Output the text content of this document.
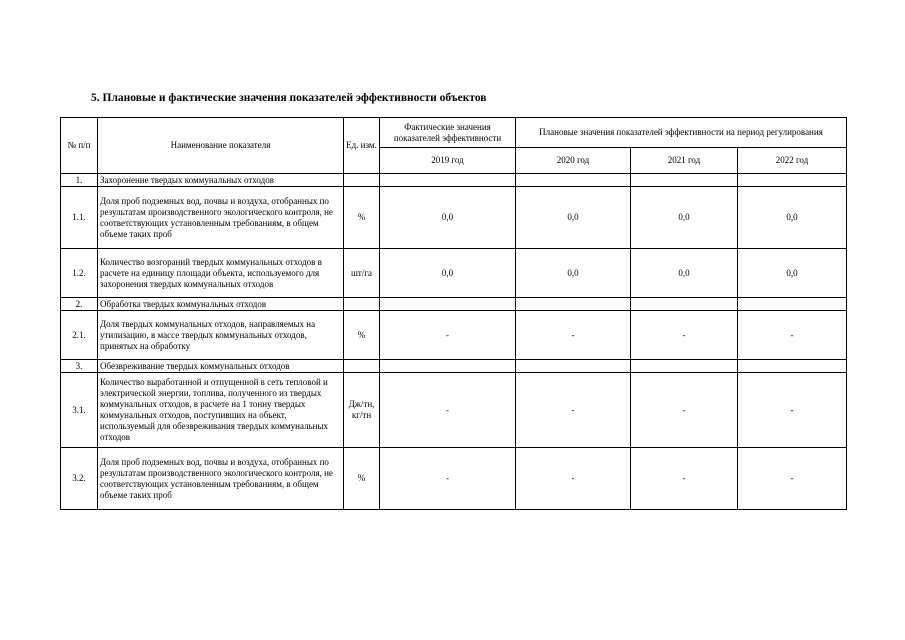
5. Плановые и фактические значения показателей эффективности объектов
№ п/п	Наименование показателя	Ед. изм.	Фактические значения показателей эффективности	Плановые значения показателей эффективности на период регулирования		
			2019 год	2020 год	2021 год	2022 год
1.	Захоронение твердых коммунальных отходов					
1.1.	Доля проб подземных вод, почвы и воздуха, отобранных по результатам производственного экологического контроля, не соответствующих установленным требованиям, в общем объеме таких проб	%	0,0	0,0	0,0	0,0
1.2.	Количество возгораний твердых коммунальных отходов в расчете на единицу площади объекта, используемого для захоронения твердых коммунальных отходов	шт/га	0,0	0,0	0,0	0,0
2.	Обработка твердых коммунальных отходов					
2.1.	Доля твердых коммунальных отходов, направляемых на утилизацию, в массе твердых коммунальных отходов, принятых на обработку	%	-	-	-	-
3.	Обезвреживание твердых коммунальных отходов					
3.1.	Количество выработанной и отпущенной в сеть тепловой и электрической энергии, топлива, полученного из твердых коммунальных отходов, в расчете на 1 тонну твердых коммунальных отходов, поступивших на объект, используемый для обезвреживания твердых коммунальных отходов	Дж/тн, кг/тн	-	-	-	-
3.2.	Доля проб подземных вод, почвы и воздуха, отобранных по результатам производственного экологического контроля, не соответствующих установленным требованиям, в общем объеме таких проб	%	-	-	-	-
